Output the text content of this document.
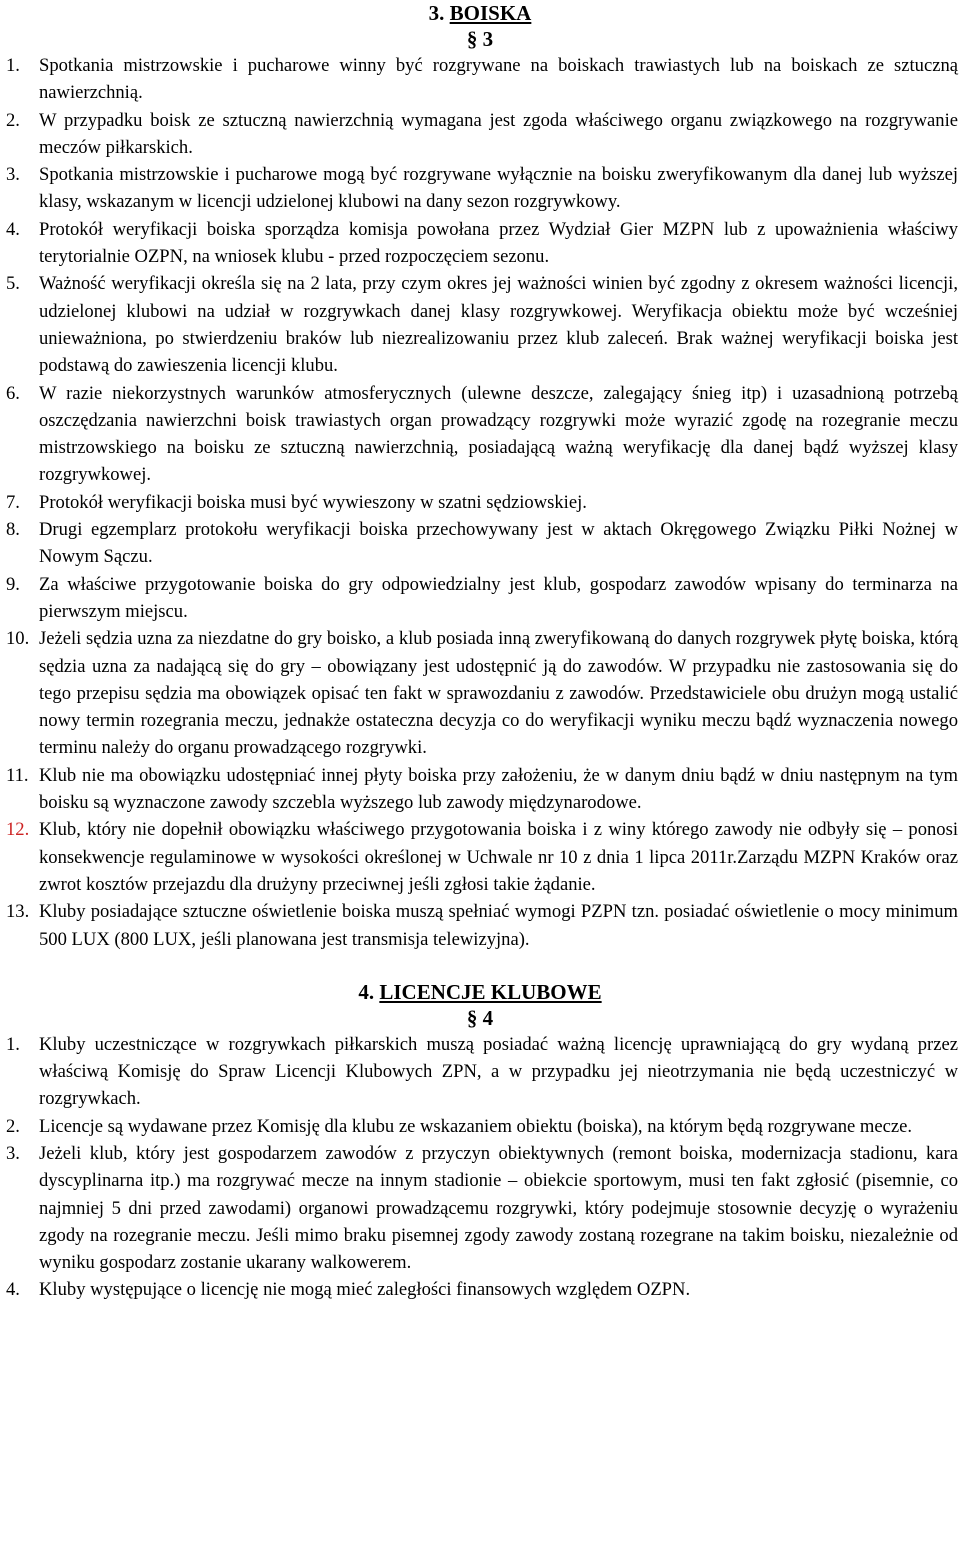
3. BOISKA

§ 3

1. Spotkania mistrzowskie i pucharowe winny być rozgrywane na boiskach trawiastych lub na boiskach ze sztuczną nawierzchnią.
2. W przypadku boisk ze sztuczną nawierzchnią wymagana jest zgoda właściwego organu związkowego na rozgrywanie meczów piłkarskich.
3. Spotkania mistrzowskie i pucharowe mogą być rozgrywane wyłącznie na boisku zweryfikowanym dla danej lub wyższej klasy, wskazanym w licencji udzielonej klubowi na dany sezon rozgrywkowy.
4. Protokół weryfikacji boiska sporządza komisja powołana przez Wydział Gier MZPN lub z upoważnienia właściwy terytorialnie OZPN, na wniosek klubu - przed rozpoczęciem sezonu.
5. Ważność weryfikacji określa się na 2 lata, przy czym okres jej ważności winien być zgodny z okresem ważności licencji, udzielonej klubowi na udział w rozgrywkach danej klasy rozgrywkowej. Weryfikacja obiektu może być wcześniej unieważniona, po stwierdzeniu braków lub niezrealizowaniu przez klub zaleceń. Brak ważnej weryfikacji boiska jest podstawą do zawieszenia licencji klubu.
6. W razie niekorzystnych warunków atmosferycznych (ulewne deszcze, zalegający śnieg itp) i uzasadnioną potrzebą oszczędzania nawierzchni boisk trawiastych organ prowadzący rozgrywki może wyrazić zgodę na rozegranie meczu mistrzowskiego na boisku ze sztuczną nawierzchnią, posiadającą ważną weryfikację dla danej bądź wyższej klasy rozgrywkowej.
7. Protokół weryfikacji boiska musi być wywieszony w szatni sędziowskiej.
8. Drugi egzemplarz protokołu weryfikacji boiska przechowywany jest w aktach Okręgowego Związku Piłki Nożnej w Nowym Sączu.
9. Za właściwe przygotowanie boiska do gry odpowiedzialny jest klub, gospodarz zawodów wpisany do terminarza na pierwszym miejscu.
10. Jeżeli sędzia uzna za niezdatne do gry boisko, a klub posiada inną zweryfikowaną do danych rozgrywek płytę boiska, którą sędzia uzna za nadającą się do gry – obowiązany jest udostępnić ją do zawodów. W przypadku nie zastosowania się do tego przepisu sędzia ma obowiązek opisać ten fakt w sprawozdaniu z zawodów. Przedstawiciele obu drużyn mogą ustalić nowy termin rozegrania meczu, jednakże ostateczna decyzja co do weryfikacji wyniku meczu bądź wyznaczenia nowego terminu należy do organu prowadzącego rozgrywki.
11. Klub nie ma obowiązku udostępniać innej płyty boiska przy założeniu, że w danym dniu bądź w dniu następnym na tym boisku są wyznaczone zawody szczebla wyższego lub zawody międzynarodowe.
12. Klub, który nie dopełnił obowiązku właściwego przygotowania boiska i z winy którego zawody nie odbyły się – ponosi konsekwencje regulaminowe w wysokości określonej w Uchwale nr 10 z dnia 1 lipca 2011r.Zarządu MZPN Kraków oraz zwrot kosztów przejazdu dla drużyny przeciwnej jeśli zgłosi takie żądanie.
13. Kluby posiadające sztuczne oświetlenie boiska muszą spełniać wymogi PZPN tzn. posiadać oświetlenie o mocy minimum 500 LUX (800 LUX, jeśli planowana jest transmisja telewizyjna).

4. LICENCJE KLUBOWE

§ 4

1. Kluby uczestniczące w rozgrywkach piłkarskich muszą posiadać ważną licencję uprawniającą do gry wydaną przez właściwą Komisję do Spraw Licencji Klubowych ZPN, a w przypadku jej nieotrzymania nie będą uczestniczyć w rozgrywkach.
2. Licencje są wydawane przez Komisję dla klubu ze wskazaniem obiektu (boiska), na którym będą rozgrywane mecze.
3. Jeżeli klub, który jest gospodarzem zawodów z przyczyn obiektywnych (remont boiska, modernizacja stadionu, kara dyscyplinarna itp.) ma rozgrywać mecze na innym stadionie – obiekcie sportowym, musi ten fakt zgłosić (pisemnie, co najmniej 5 dni przed zawodami) organowi prowadzącemu rozgrywki, który podejmuje stosownie decyzję o wyrażeniu zgody na rozegranie meczu. Jeśli mimo braku pisemnej zgody zawody zostaną rozegrane na takim boisku, niezależnie od wyniku gospodarz zostanie ukarany walkowerem.
4. Kluby występujące o licencję nie mogą mieć zaległości finansowych względem OZPN.
